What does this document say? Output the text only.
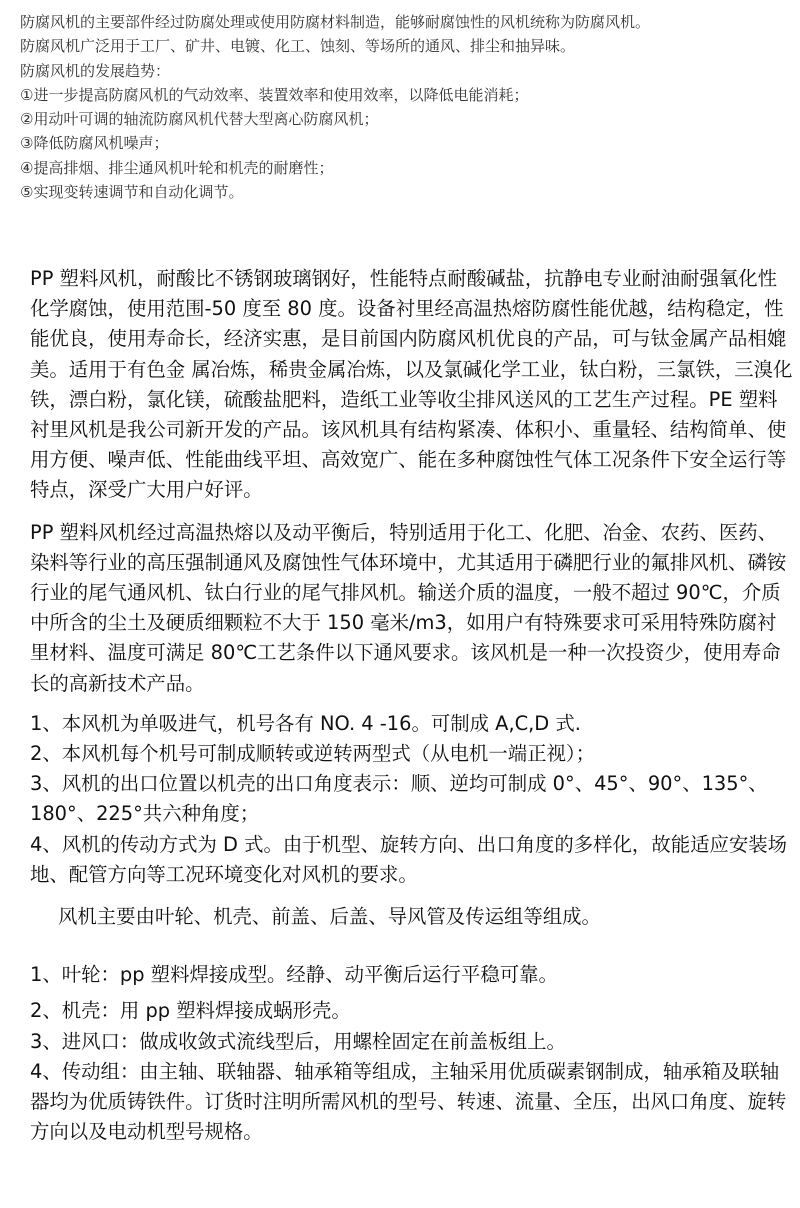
防腐风机的主要部件经过防腐处理或使用防腐材料制造，能够耐腐蚀性的风机统称为防腐风机。

防腐风机广泛用于工厂、矿井、电镀、化工、蚀刻、等场所的通风、排尘和抽异味。

防腐风机的发展趋势：

①进一步提高防腐风机的气动效率、装置效率和使用效率，以降低电能消耗；

②用动叶可调的轴流防腐风机代替大型离心防腐风机；

③降低防腐风机噪声；

④提高排烟、排尘通风机叶轮和机壳的耐磨性；

⑤实现变转速调节和自动化调节。

PP 塑料风机，耐酸比不锈钢玻璃钢好，性能特点耐酸碱盐，抗静电专业耐油耐强氧化性化学腐蚀，使用范围-50 度至 80 度。设备衬里经高温热熔防腐性能优越，结构稳定，性能优良，使用寿命长，经济实惠，是目前国内防腐风机优良的产品，可与钛金属产品相媲美。适用于有色金 属冶炼，稀贵金属冶炼，以及氯碱化学工业，钛白粉，三氯铁，三溴化铁，漂白粉，氯化镁，硫酸盐肥料，造纸工业等收尘排风送风的工艺生产过程。PE 塑料衬里风机是我公司新开发的产品。该风机具有结构紧凑、体积小、重量轻、结构简单、使用方便、噪声低、性能曲线平坦、高效宽广、能在多种腐蚀性气体工况条件下安全运行等特点，深受广大用户好评。

PP 塑料风机经过高温热熔以及动平衡后，特别适用于化工、化肥、冶金、农药、医药、 染料等行业的高压强制通风及腐蚀性气体环境中，尤其适用于磷肥行业的氟排风机、磷铵行业的尾气通风机、钛白行业的尾气排风机。输送介质的温度，一般不超过 90℃，介质中所含的尘土及硬质细颗粒不大于 150 毫米/m3，如用户有特殊要求可采用特殊防腐衬里材料、温度可满足 80℃工艺条件以下通风要求。该风机是一种一次投资少，使用寿命长的高新技术产品。

1、本风机为单吸进气，机号各有 NO. 4 -16。可制成 A,C,D 式.

2、本风机每个机号可制成顺转或逆转两型式（从电机一端正视）；

3、风机的出口位置以机壳的出口角度表示：顺、逆均可制成 0°、45°、90°、135°、180°、225°共六种角度；

4、风机的传动方式为 D 式。由于机型、旋转方向、出口角度的多样化，故能适应安装场地、配管方向等工况环境变化对风机的要求。

风机主要由叶轮、机壳、前盖、后盖、导风管及传运组等组成。

1、叶轮：pp 塑料焊接成型。经静、动平衡后运行平稳可靠。

2、机壳：用 pp 塑料焊接成蜗形壳。

3、进风口：做成收敛式流线型后，用螺栓固定在前盖板组上。

4、传动组：由主轴、联轴器、轴承箱等组成，主轴采用优质碳素钢制成，轴承箱及联轴器均为优质铸铁件。订货时注明所需风机的型号、转速、流量、全压，出风口角度、旋转方向以及电动机型号规格。
